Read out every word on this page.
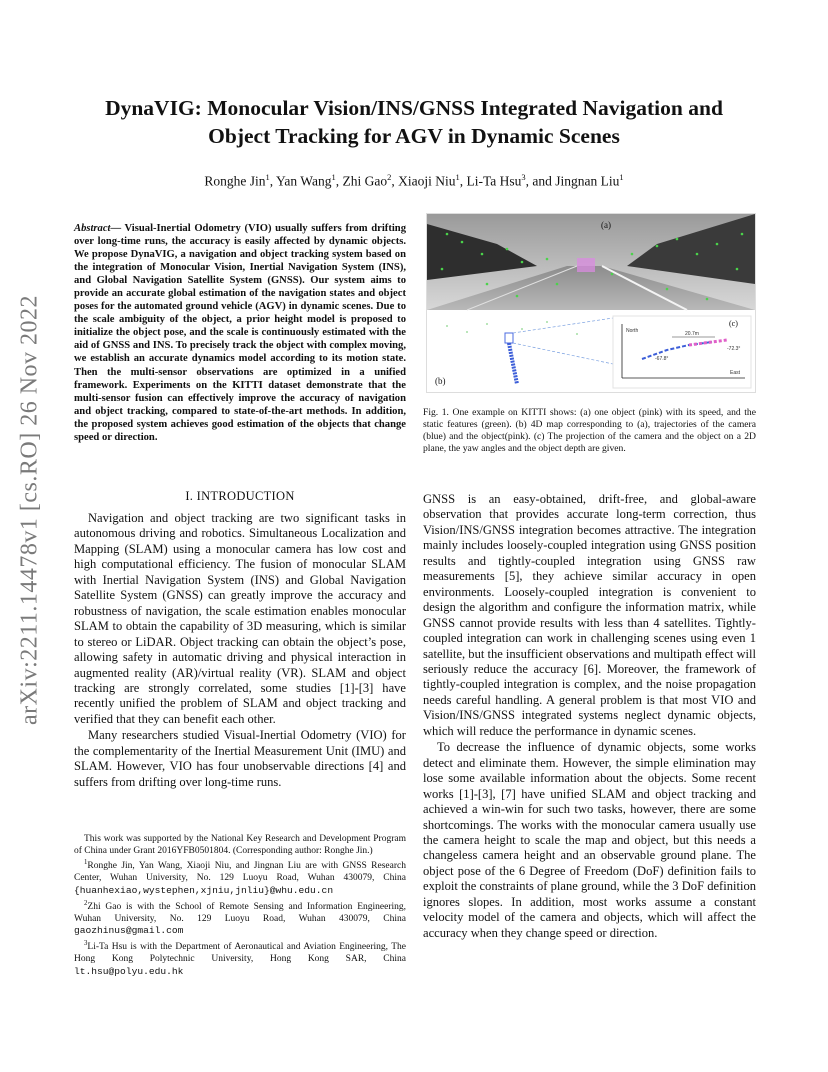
arXiv:2211.14478v1 [cs.RO] 26 Nov 2022
DynaVIG: Monocular Vision/INS/GNSS Integrated Navigation and
Object Tracking for AGV in Dynamic Scenes
Ronghe Jin$^1$, Yan Wang$^1$, Zhi Gao$^2$, Xiaoji Niu$^1$, Li-Ta Hsu$^3$, and Jingnan Liu$^1$
Abstract— Visual-Inertial Odometry (VIO) usually suffers from drifting over long-time runs, the accuracy is easily affected by dynamic objects. We propose DynaVIG, a navigation and object tracking system based on the integration of Monocular Vision, Inertial Navigation System (INS), and Global Navigation Satellite System (GNSS). Our system aims to provide an accurate global estimation of the navigation states and object poses for the automated ground vehicle (AGV) in dynamic scenes. Due to the scale ambiguity of the object, a prior height model is proposed to initialize the object pose, and the scale is continuously estimated with the aid of GNSS and INS. To precisely track the object with complex moving, we establish an accurate dynamics model according to its motion state. Then the multi-sensor observations are optimized in a unified framework. Experiments on the KITTI dataset demonstrate that the multi-sensor fusion can effectively improve the accuracy of navigation and object tracking, compared to state-of-the-art methods. In addition, the proposed system achieves good estimation of the objects that change speed or direction.
I. INTRODUCTION

Navigation and object tracking are two significant tasks in autonomous driving and robotics. Simultaneous Localization and Mapping (SLAM) using a monocular camera has low cost and high computational efficiency. The fusion of monocular SLAM with Inertial Navigation System (INS) and Global Navigation Satellite System (GNSS) can greatly improve the accuracy and robustness of navigation, the scale estimation enables monocular SLAM to obtain the capability of 3D measuring, which is similar to stereo or LiDAR. Object tracking can obtain the object’s pose, allowing safety in automatic driving and physical interaction in augmented reality (AR)/virtual reality (VR). SLAM and object tracking are strongly correlated, some studies [1]-[3] have recently unified the problem of SLAM and object tracking and verified that they can benefit each other.

Many researchers studied Visual-Inertial Odometry (VIO) for the complementarity of the Inertial Measurement Unit (IMU) and SLAM. However, VIO has four unobservable directions [4] and suffers from drifting over long-time runs.

This work was supported by the National Key Research and Development Program of China under Grant 2016YFB0501804. (Corresponding author: Ronghe Jin.)

$^1$Ronghe Jin, Yan Wang, Xiaoji Niu, and Jingnan Liu are with GNSS Research Center, Wuhan University, No. 129 Luoyu Road, Wuhan 430079, China {huanhexiao,wystephen,xjniu,jnliu}@whu.edu.cn

$^2$Zhi Gao is with the School of Remote Sensing and Information Engineering, Wuhan University, No. 129 Luoyu Road, Wuhan 430079, China gaozhinus@gmail.com

$^3$Li-Ta Hsu is with the Department of Aeronautical and Aviation Engineering, The Hong Kong Polytechnic University, Hong Kong SAR, China lt.hsu@polyu.edu.hk

(a)
(b)
(c)
North
East
20.7m
-67.8°
-72.3°
Fig. 1. One example on KITTI shows: (a) one object (pink) with its speed, and the static features (green). (b) 4D map corresponding to (a), trajectories of the camera (blue) and the object(pink). (c) The projection of the camera and the object on a 2D plane, the yaw angles and the object depth are given.

GNSS is an easy-obtained, drift-free, and global-aware observation that provides accurate long-term correction, thus Vision/INS/GNSS integration becomes attractive. The integration mainly includes loosely-coupled integration using GNSS position results and tightly-coupled integration using GNSS raw measurements [5], they achieve similar accuracy in open environments. Loosely-coupled integration is convenient to design the algorithm and configure the information matrix, while GNSS cannot provide results with less than 4 satellites. Tightly-coupled integration can work in challenging scenes using even 1 satellite, but the insufficient observations and multipath effect will seriously reduce the accuracy [6]. Moreover, the framework of tightly-coupled integration is complex, and the noise propagation needs careful handling. A general problem is that most VIO and Vision/INS/GNSS integrated systems neglect dynamic objects, which will reduce the performance in dynamic scenes.

To decrease the influence of dynamic objects, some works detect and eliminate them. However, the simple elimination may lose some available information about the objects. Some recent works [1]-[3], [7] have unified SLAM and object tracking and achieved a win-win for such two tasks, however, there are some shortcomings. The works with the monocular camera usually use the camera height to scale the map and object, but this needs a changeless camera height and an observable ground plane. The object pose of the 6 Degree of Freedom (DoF) definition fails to exploit the constraints of plane ground, while the 3 DoF definition ignores slopes. In addition, most works assume a constant velocity model of the camera and objects, which will affect the accuracy when they change speed or direction.
